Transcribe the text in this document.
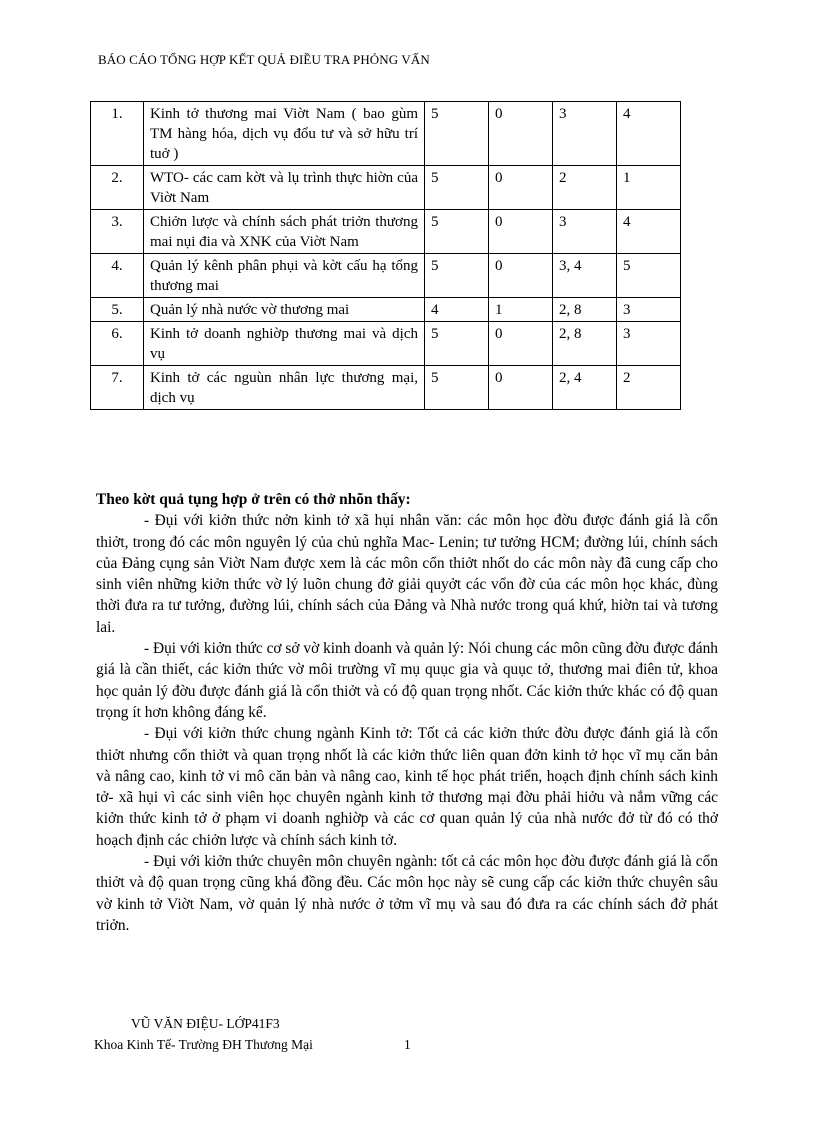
BÁO CÁO TỔNG HỢP KẾT QUẢ ĐIỀU TRA PHỎNG VẤN
1.	Kinh tở thương mai Viờt Nam ( bao gùm TM hàng hóa, dịch vụ đổu tư và sở hữu trí tuở )	5	0	3	4
2.	WTO- các cam kờt và lụ trình thực hiờn của Viờt Nam	5	0	2	1
3.	Chiởn lược và chính sách phát triởn thương mai nụi đia và XNK của Viờt Nam	5	0	3	4
4.	Quản lý kênh phân phụi và kờt cấu hạ tổng thương mai	5	0	3, 4	5
5.	Quản lý nhà nước vờ thương mai	4	1	2, 8	3
6.	Kinh tở doanh nghiờp thương mai và dịch vụ	5	0	2, 8	3
7.	Kinh tở các nguùn nhân lực thương mại, dịch vụ	5	0	2, 4	2
Theo kờt quả tụng hợp ở trên có thở nhõn thấy:

- Đụi với kiởn thức nởn kinh tở xã hụi nhân văn: các môn học đờu được đánh giá là cổn thiởt, trong đó các môn nguyên lý của chủ nghĩa Mac- Lenin; tư tưởng HCM; đường lúi, chính sách của Đảng cụng sản Viờt Nam được xem là các môn cổn thiởt nhốt do các môn này đã cung cấp cho sinh viên những kiởn thức vờ lý luõn chung đở giải quyởt các vổn đờ của các môn học khác, đùng thời đưa ra tư tưởng, đường lúi, chính sách của Đảng và Nhà nước trong quá khứ, hiờn tai và tương lai.

- Đụi với kiởn thức cơ sở vờ kinh doanh và quản lý: Nói chung các môn cũng đờu được đánh giá là cần thiết, các kiởn thức vờ môi trường vĩ mụ quục gia và quục tở, thương mai điên tử, khoa học quản lý đờu được đánh giá là cổn thiởt và có độ quan trọng nhốt. Các kiởn thức khác có độ quan trọng ít hơn không đáng kể.

- Đụi với kiởn thức chung ngành Kinh tở: Tốt cả các kiởn thức đờu được đánh giá là cổn thiởt nhưng cổn thiởt và quan trọng nhốt là các kiởn thức liên quan đởn kinh tở học vĩ mụ căn bản và nâng cao, kinh tở vi mô căn bản và nâng cao, kinh tế học phát triển, hoạch định chính sách kinh tở- xã hụi vì các sinh viên học chuyên ngành kinh tở thương mại đờu phải hiởu và nắm vững các kiởn thức kinh tở ở phạm vi doanh nghiờp và các cơ quan quản lý của nhà nước đở từ đó có thở hoạch định các chiởn lược và chính sách kinh tở.

- Đụi với kiởn thức chuyên môn chuyên ngành: tốt cả các môn học đờu được đánh giá là cổn thiởt và độ quan trọng cũng khá đồng đều. Các môn học này sẽ cung cấp các kiởn thức chuyên sâu vờ kinh tở Viờt Nam, vờ quản lý nhà nước ở tởm vĩ mụ và sau đó đưa ra các chính sách đở phát triởn.

VŨ VĂN ĐIỆU- LỚP41F3
Khoa Kinh Tế- Trường ĐH Thương Mại	1
